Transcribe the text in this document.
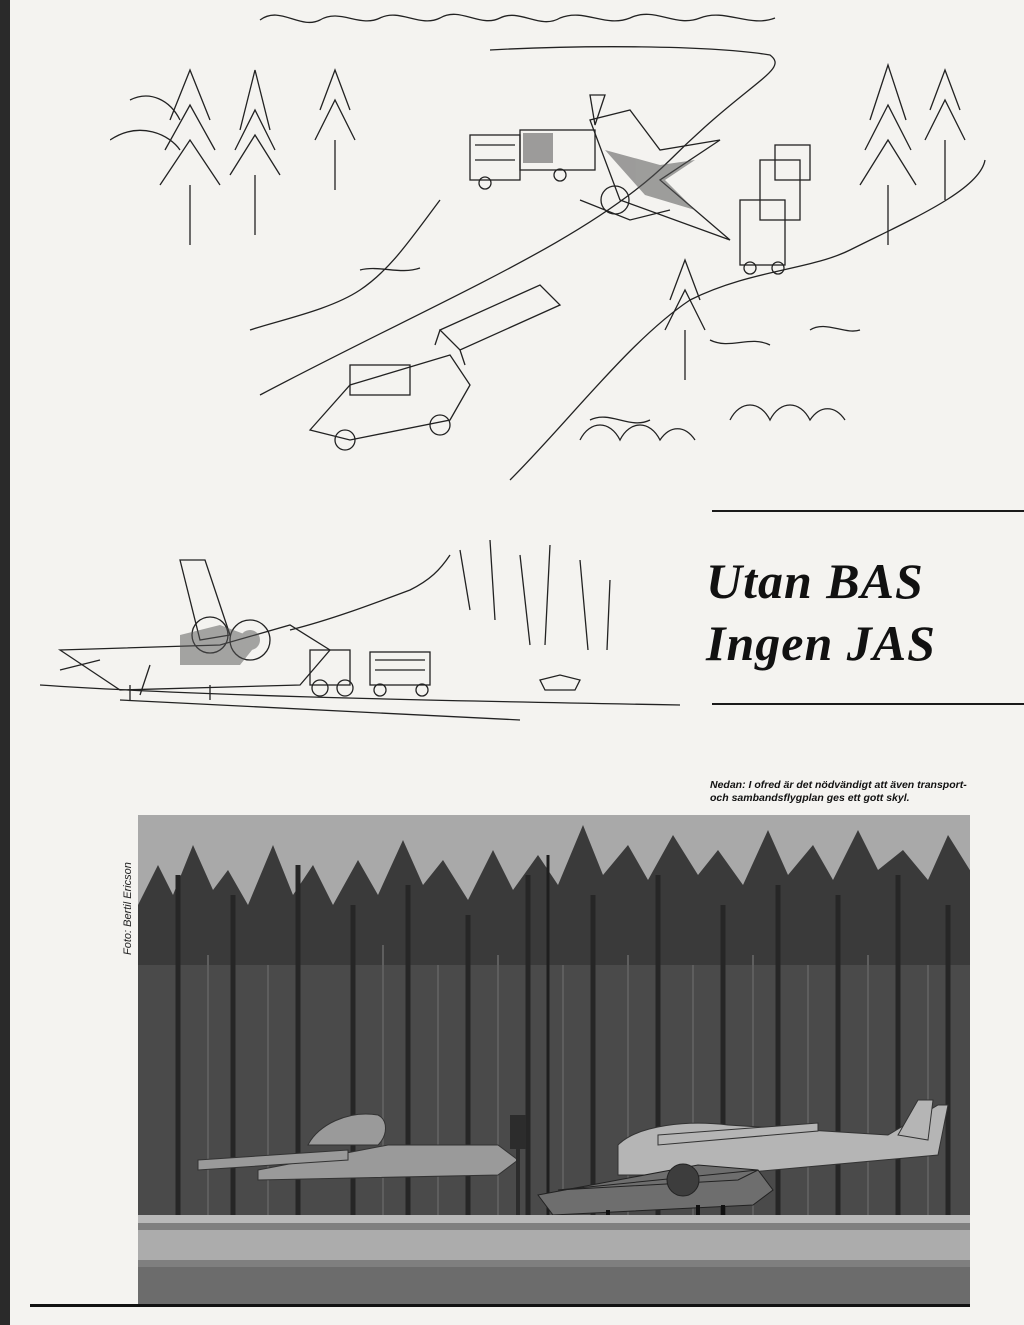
Utan BAS
Ingen JAS
Nedan: I ofred är det nödvändigt att även transport- och sambandsflygplan ges ett gott skyl.
Foto: Bertil Ericson
